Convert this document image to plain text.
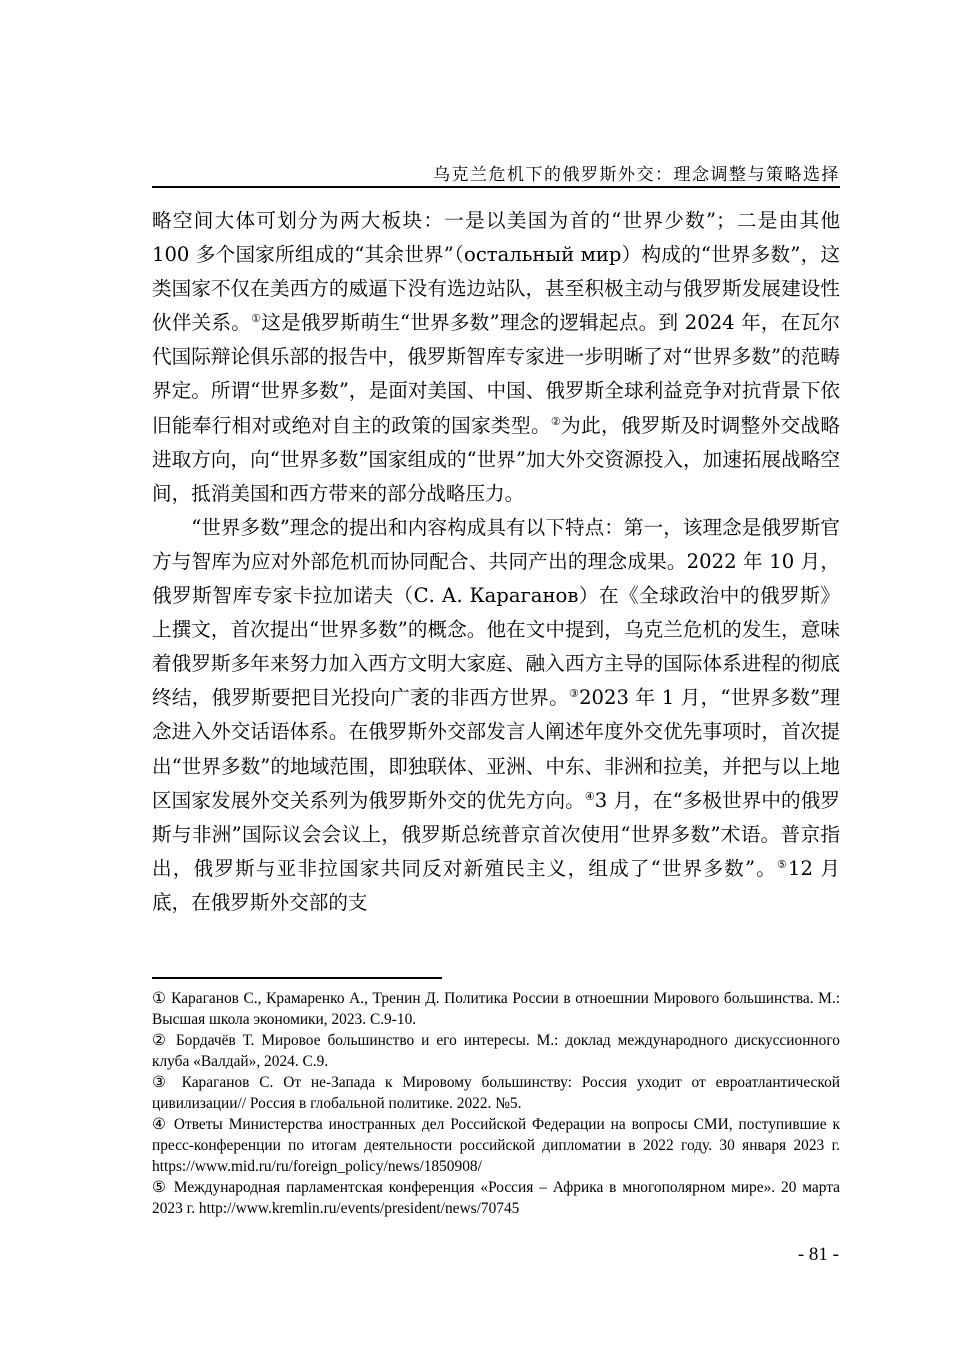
乌克兰危机下的俄罗斯外交：理念调整与策略选择

略空间大体可划分为两大板块：一是以美国为首的“世界少数”；二是由其他 100 多个国家所组成的“其余世界”（остальный мир）构成的“世界多数”，这类国家不仅在美西方的威逼下没有选边站队，甚至积极主动与俄罗斯发展建设性伙伴关系。①这是俄罗斯萌生“世界多数”理念的逻辑起点。到 2024 年，在瓦尔代国际辩论俱乐部的报告中，俄罗斯智库专家进一步明晰了对“世界多数”的范畴界定。所谓“世界多数”，是面对美国、中国、俄罗斯全球利益竞争对抗背景下依旧能奉行相对或绝对自主的政策的国家类型。②为此，俄罗斯及时调整外交战略进取方向，向“世界多数”国家组成的“世界”加大外交资源投入，加速拓展战略空间，抵消美国和西方带来的部分战略压力。

“世界多数”理念的提出和内容构成具有以下特点：第一，该理念是俄罗斯官方与智库为应对外部危机而协同配合、共同产出的理念成果。2022 年 10 月，俄罗斯智库专家卡拉加诺夫（С. А. Караганов）在《全球政治中的俄罗斯》上撰文，首次提出“世界多数”的概念。他在文中提到，乌克兰危机的发生，意味着俄罗斯多年来努力加入西方文明大家庭、融入西方主导的国际体系进程的彻底终结，俄罗斯要把目光投向广袤的非西方世界。③2023 年 1 月，“世界多数”理念进入外交话语体系。在俄罗斯外交部发言人阐述年度外交优先事项时，首次提出“世界多数”的地域范围，即独联体、亚洲、中东、非洲和拉美，并把与以上地区国家发展外交关系列为俄罗斯外交的优先方向。④3 月，在“多极世界中的俄罗斯与非洲”国际议会会议上，俄罗斯总统普京首次使用“世界多数”术语。普京指出，俄罗斯与亚非拉国家共同反对新殖民主义，组成了“世界多数”。⑤12 月底，在俄罗斯外交部的支

① Караганов С., Крамаренко А., Тренин Д. Политика России в отноешнии Мирового большинства. М.: Высшая школа экономики, 2023. С.9-10.

② Бордачёв Т. Мировое большинство и его интересы. М.: доклад международного дискуссионного клуба «Валдай», 2024. С.9.

③ Караганов С. От не-Запада к Мировому большинству: Россия уходит от евроатлантической цивилизации// Россия в глобальной политике. 2022. №5.

④ Ответы Министерства иностранных дел Российской Федерации на вопросы СМИ, поступившие к пресс-конференции по итогам деятельности российской дипломатии в 2022 году. 30 января 2023 г. https://www.mid.ru/ru/foreign_policy/news/1850908/

⑤ Международная парламентская конференция «Россия – Африка в многополярном мире». 20 марта 2023 г. http://www.kremlin.ru/events/president/news/70745

- 81 -
